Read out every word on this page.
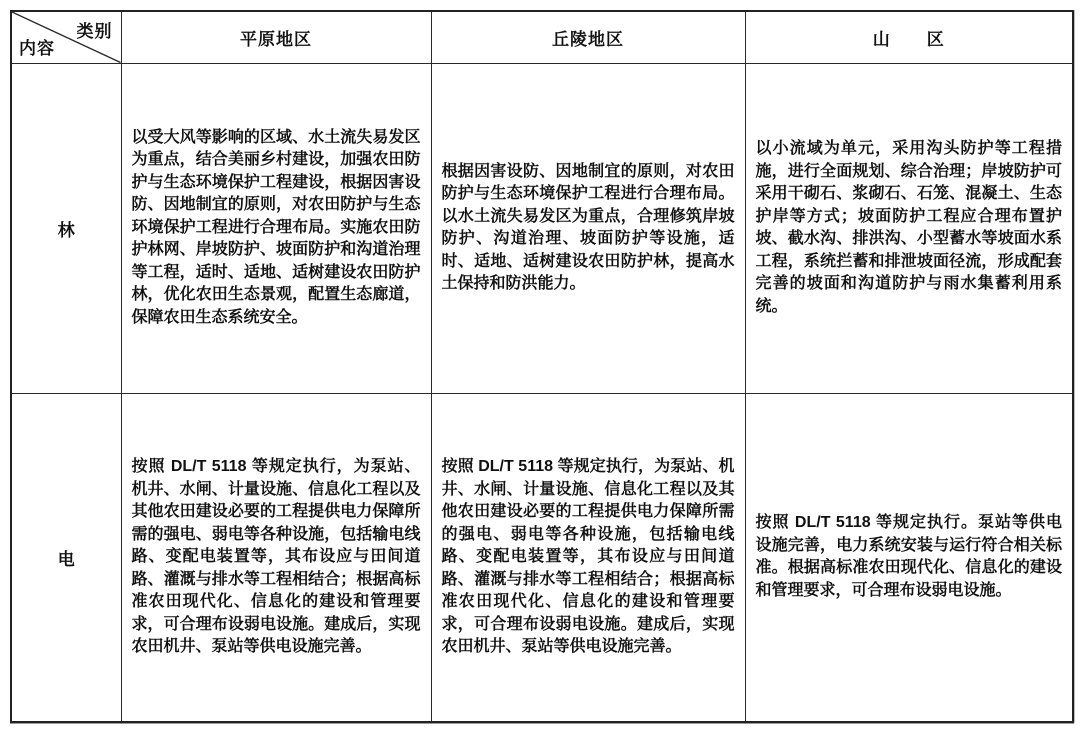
类别
内容	平原地区	丘陵地区	山　　区
林	以受大风等影响的区域、水土流失易发区为重点，结合美丽乡村建设，加强农田防护与生态环境保护工程建设，根据因害设防、因地制宜的原则，对农田防护与生态环境保护工程进行合理布局。实施农田防护林网、岸坡防护、坡面防护和沟道治理等工程，适时、适地、适树建设农田防护林，优化农田生态景观，配置生态廊道，保障农田生态系统安全。	根据因害设防、因地制宜的原则，对农田防护与生态环境保护工程进行合理布局。以水土流失易发区为重点，合理修筑岸坡防护、沟道治理、坡面防护等设施，适时、适地、适树建设农田防护林，提高水土保持和防洪能力。	以小流域为单元，采用沟头防护等工程措施，进行全面规划、综合治理；岸坡防护可采用干砌石、浆砌石、石笼、混凝土、生态护岸等方式；坡面防护工程应合理布置护坡、截水沟、排洪沟、小型蓄水等坡面水系工程，系统拦蓄和排泄坡面径流，形成配套完善的坡面和沟道防护与雨水集蓄利用系统。
电	按照 DL/T 5118 等规定执行，为泵站、机井、水闸、计量设施、信息化工程以及其他农田建设必要的工程提供电力保障所需的强电、弱电等各种设施，包括输电线路、变配电装置等，其布设应与田间道路、灌溉与排水等工程相结合；根据高标准农田现代化、信息化的建设和管理要求，可合理布设弱电设施。建成后，实现农田机井、泵站等供电设施完善。	按照 DL/T 5118 等规定执行，为泵站、机井、水闸、计量设施、信息化工程以及其他农田建设必要的工程提供电力保障所需的强电、弱电等各种设施，包括输电线路、变配电装置等，其布设应与田间道路、灌溉与排水等工程相结合；根据高标准农田现代化、信息化的建设和管理要求，可合理布设弱电设施。建成后，实现农田机井、泵站等供电设施完善。	按照 DL/T 5118 等规定执行。泵站等供电设施完善，电力系统安装与运行符合相关标准。根据高标准农田现代化、信息化的建设和管理要求，可合理布设弱电设施。
